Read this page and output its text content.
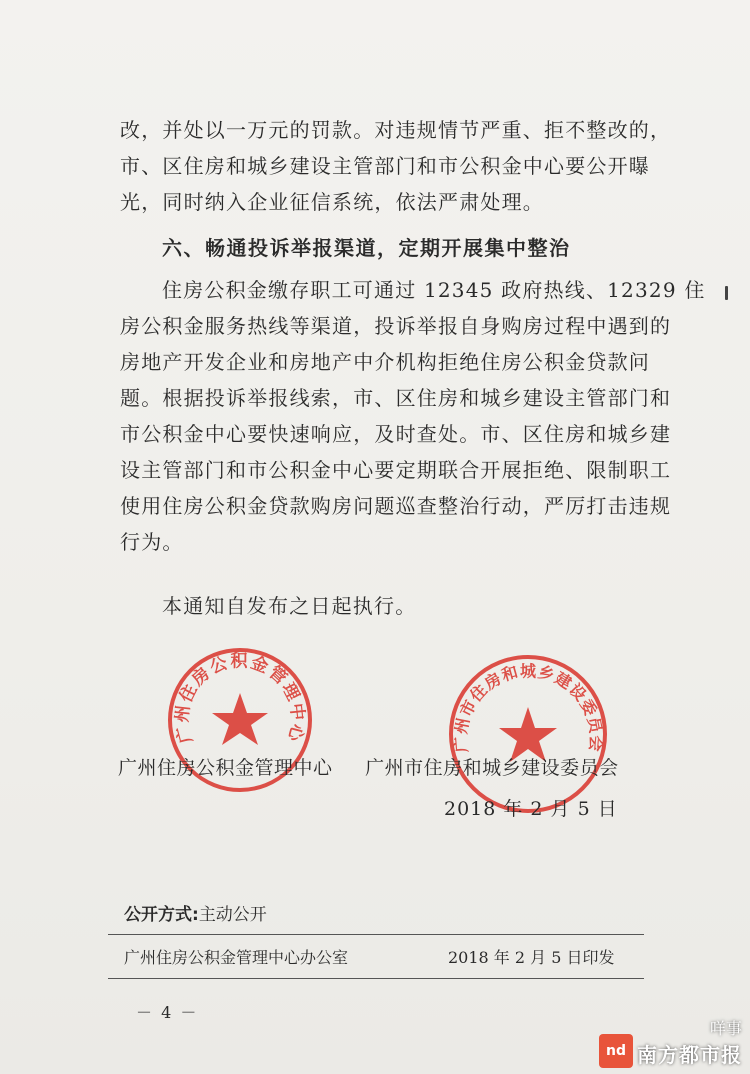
改，并处以一万元的罚款。对违规情节严重、拒不整改的，
市、区住房和城乡建设主管部门和市公积金中心要公开曝
光，同时纳入企业征信系统，依法严肃处理。
六、畅通投诉举报渠道，定期开展集中整治
住房公积金缴存职工可通过 12345 政府热线、12329 住
房公积金服务热线等渠道，投诉举报自身购房过程中遇到的
房地产开发企业和房地产中介机构拒绝住房公积金贷款问
题。根据投诉举报线索，市、区住房和城乡建设主管部门和
市公积金中心要快速响应，及时查处。市、区住房和城乡建
设主管部门和市公积金中心要定期联合开展拒绝、限制职工
使用住房公积金贷款购房问题巡查整治行动，严厉打击违规
行为。
本通知自发布之日起执行。
广州住房公积金管理中心	广州市住房和城乡建设委员会
广州住房公积金管理中心 广州市住房和城乡建设委员会
2018 年 2 月 5 日
公开方式:主动公开
广州住房公积金管理中心办公室	2018 年 2 月 5 日印发
－ 4 －
nd
咩事
南方都市报
